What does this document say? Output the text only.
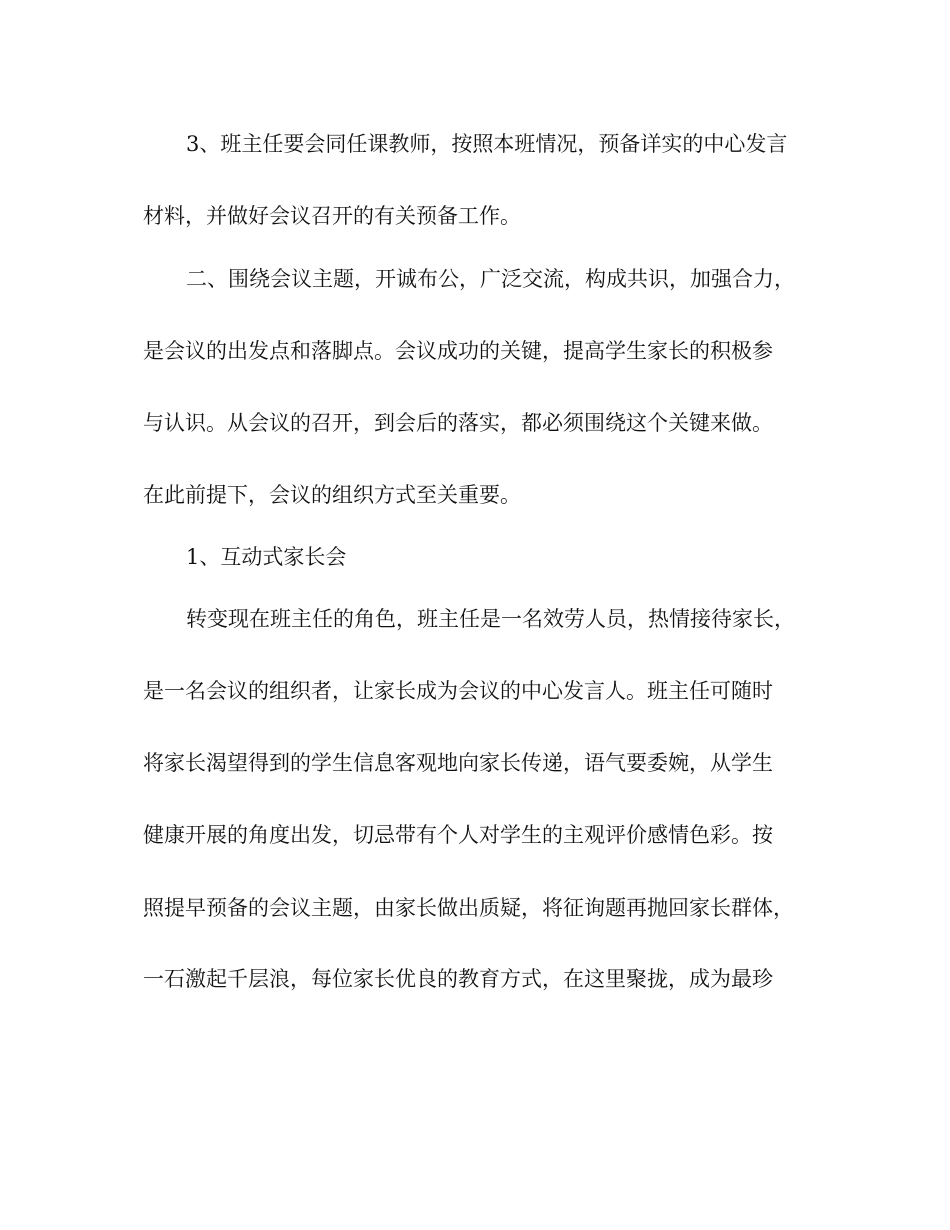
3、班主任要会同任课教师，按照本班情况，预备详实的中心发言
材料，并做好会议召开的有关预备工作。
二、围绕会议主题，开诚布公，广泛交流，构成共识，加强合力，
是会议的出发点和落脚点。会议成功的关键，提高学生家长的积极参
与认识。从会议的召开，到会后的落实，都必须围绕这个关键来做。
在此前提下，会议的组织方式至关重要。
1、互动式家长会
转变现在班主任的角色，班主任是一名效劳人员，热情接待家长，
是一名会议的组织者，让家长成为会议的中心发言人。班主任可随时
将家长渴望得到的学生信息客观地向家长传递，语气要委婉，从学生
健康开展的角度出发，切忌带有个人对学生的主观评价感情色彩。按
照提早预备的会议主题，由家长做出质疑，将征询题再抛回家长群体，
一石激起千层浪，每位家长优良的教育方式，在这里聚拢，成为最珍
